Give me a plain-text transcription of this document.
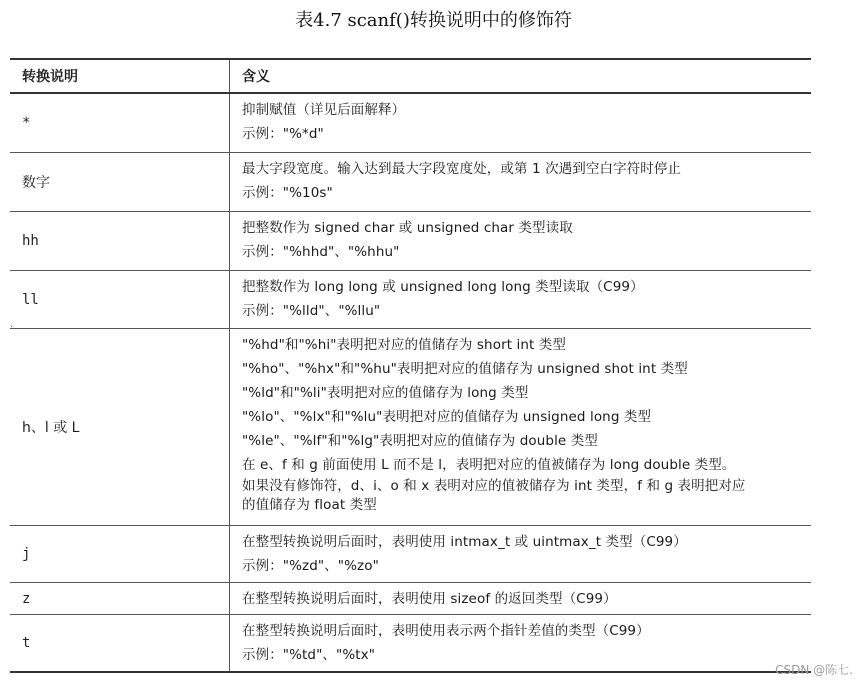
表4.7 scanf()转换说明中的修饰符
·
转换说明	含义
*
抑制赋值（详见后面解释）
示例："%*d"
数字
最大字段宽度。输入达到最大字段宽度处，或第 1 次遇到空白字符时停止
示例："%10s"
hh
把整数作为 signed char 或 unsigned char 类型读取
示例："%hhd"、"%hhu"
ll
把整数作为 long long 或 unsigned long long 类型读取（C99）
示例："%lld"、"%llu"
h、l 或 L
"%hd"和"%hi"表明把对应的值储存为 short int 类型
"%ho"、"%hx"和"%hu"表明把对应的值储存为 unsigned shot int 类型
"%ld"和"%li"表明把对应的值储存为 long 类型
"%lo"、"%lx"和"%lu"表明把对应的值储存为 unsigned long 类型
"%le"、"%lf"和"%lg"表明把对应的值储存为 double 类型
在 e、f 和 g 前面使用 L 而不是 l，表明把对应的值被储存为 long double 类型。
如果没有修饰符，d、i、o 和 x 表明对应的值被储存为 int 类型，f 和 g 表明把对应
的值储存为 float 类型
j
在整型转换说明后面时，表明使用 intmax_t 或 uintmax_t 类型（C99）
示例："%zd"、"%zo"
z	在整型转换说明后面时，表明使用 sizeof 的返回类型（C99）
t
在整型转换说明后面时，表明使用表示两个指针差值的类型（C99）
示例："%td"、"%tx"
CSDN @陈七.
